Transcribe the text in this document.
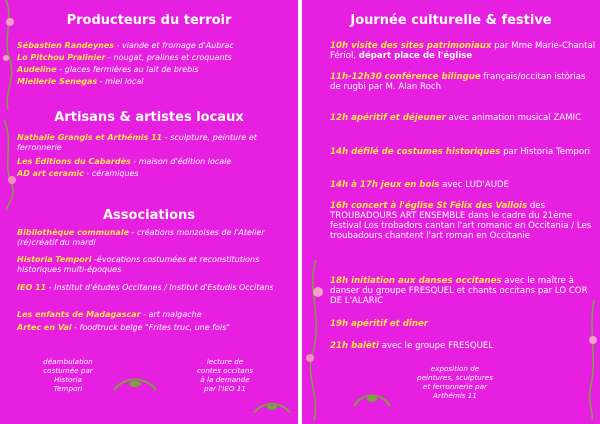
Producteurs du terroir
Sébastien Randeynes - viande et fromage d'Aubrac
Lo Pitchou Pralinier - nougat, pralines et croquants
Audeline - glaces fermières au lait de brebis
Miellerie Senegas - miel local
Artisans & artistes locaux
Nathalie Grangis et Arthémis 11 - sculpture, peinture et ferronnerie
Les Éditions du Cabardès - maison d'édition locale
AD art ceramic - céramiques
Associations
Bibliothèque communale - créations monzoises de l'Atelier (ré)créatif du mardi
Historia Tempori -évocations costumées et reconstitutions historiques multi-époques
IEO 11 - Institut d'études Occitanes / Institut d'Estudis Occitans
Les enfants de Madagascar - art malgache
Artec en Val - foodtruck belge "Frites truc, une fois"
déambulation
costumée par
Historia
Tempori
lecture de
contes occitans
à la demande
par l'IEO 11
Journée culturelle & festive
10h visite des sites patrimoniaux par Mme Marie-Chantal Fériol, départ place de l'église
11h-12h30 conférence bilingue français/occitan istòrias de rugbi par M. Alan Roch
12h apéritif et déjeuner avec animation musical ZAMIC
14h défilé de costumes historiques par Historia Tempori
14h à 17h jeux en bois avec LUD'AUDE
16h concert à l'église St Félix des Vallois des TROUBADOURS ART ENSEMBLE dans le cadre du 21ème festival Los trobadors cantan l'art romanic en Occitania / Les troubadours chantent l'art roman en Occitanie
18h initiation aux danses occitanes avec le maître à danser du groupe FRESQUEL et chants occitans par LO COR DE L'ALARIC
19h apéritif et dîner
21h balèti avec le groupe FRESQUEL
exposition de
peintures, sculptures
et ferronnerie par
Arthémis 11
